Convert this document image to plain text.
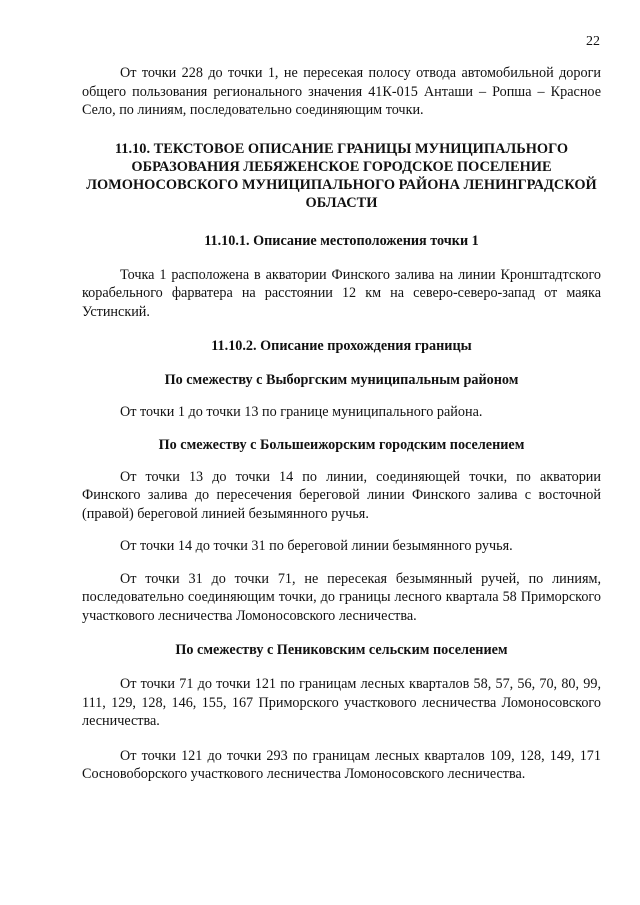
22

От точки 228 до точки 1, не пересекая полосу отвода автомобильной дороги общего пользования регионального значения 41К-015 Анташи – Ропша – Красное Село, по линиям, последовательно соединяющим точки.

11.10. ТЕКСТОВОЕ ОПИСАНИЕ ГРАНИЦЫ МУНИЦИПАЛЬНОГО ОБРАЗОВАНИЯ ЛЕБЯЖЕНСКОЕ ГОРОДСКОЕ ПОСЕЛЕНИЕ ЛОМОНОСОВСКОГО МУНИЦИПАЛЬНОГО РАЙОНА ЛЕНИНГРАДСКОЙ ОБЛАСТИ
11.10.1. Описание местоположения точки 1

Точка 1 расположена в акватории Финского залива на линии Кронштадтского корабельного фарватера на расстоянии 12 км на северо-северо-запад от маяка Устинский.

11.10.2. Описание прохождения границы
По смежеству с Выборгским муниципальным районом

От точки 1 до точки 13 по границе муниципального района.

По смежеству с Большеижорским городским поселением

От точки 13 до точки 14 по линии, соединяющей точки, по акватории Финского залива до пересечения береговой линии Финского залива с восточной (правой) береговой линией безымянного ручья.

От точки 14 до точки 31 по береговой линии безымянного ручья.

От точки 31 до точки 71, не пересекая безымянный ручей, по линиям, последовательно соединяющим точки, до границы лесного квартала 58 Приморского участкового лесничества Ломоносовского лесничества.

По смежеству с Пениковским сельским поселением

От точки 71 до точки 121 по границам лесных кварталов 58, 57, 56, 70, 80, 99, 111, 129, 128, 146, 155, 167 Приморского участкового лесничества Ломоносовского лесничества.

От точки 121 до точки 293 по границам лесных кварталов 109, 128, 149, 171 Сосновоборского участкового лесничества Ломоносовского лесничества.
